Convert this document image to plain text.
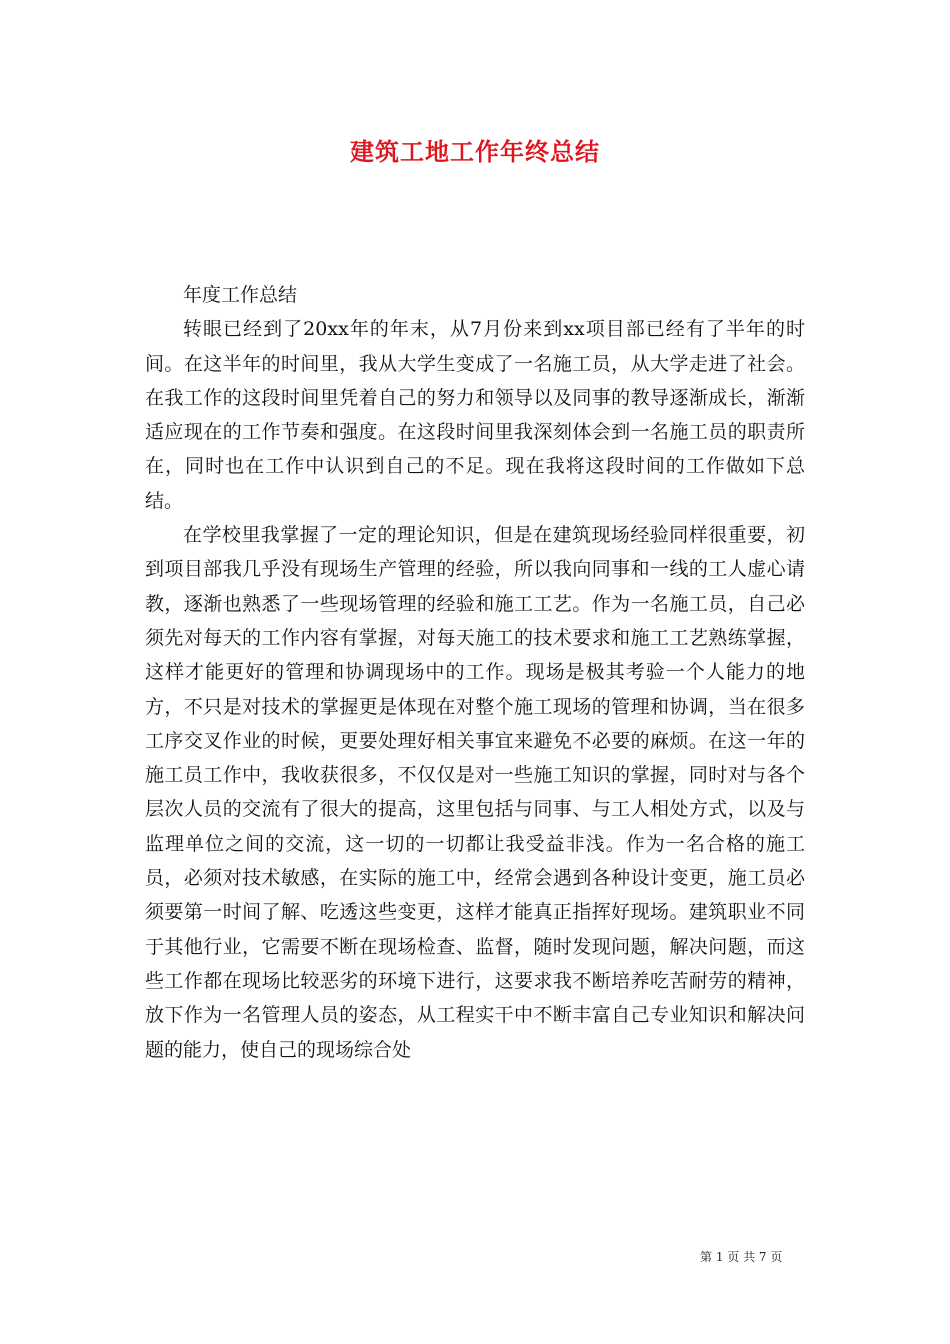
建筑工地工作年终总结

年度工作总结

转眼已经到了20xx年的年末，从7月份来到xx项目部已经有了半年的时间。在这半年的时间里，我从大学生变成了一名施工员，从大学走进了社会。在我工作的这段时间里凭着自己的努力和领导以及同事的教导逐渐成长，渐渐适应现在的工作节奏和强度。在这段时间里我深刻体会到一名施工员的职责所在，同时也在工作中认识到自己的不足。现在我将这段时间的工作做如下总结。

在学校里我掌握了一定的理论知识，但是在建筑现场经验同样很重要，初到项目部我几乎没有现场生产管理的经验，所以我向同事和一线的工人虚心请教，逐渐也熟悉了一些现场管理的经验和施工工艺。作为一名施工员，自己必须先对每天的工作内容有掌握，对每天施工的技术要求和施工工艺熟练掌握，这样才能更好的管理和协调现场中的工作。现场是极其考验一个人能力的地方，不只是对技术的掌握更是体现在对整个施工现场的管理和协调，当在很多工序交叉作业的时候，更要处理好相关事宜来避免不必要的麻烦。在这一年的施工员工作中，我收获很多，不仅仅是对一些施工知识的掌握，同时对与各个层次人员的交流有了很大的提高，这里包括与同事、与工人相处方式，以及与监理单位之间的交流，这一切的一切都让我受益非浅。作为一名合格的施工员，必须对技术敏感，在实际的施工中，经常会遇到各种设计变更，施工员必须要第一时间了解、吃透这些变更，这样才能真正指挥好现场。建筑职业不同于其他行业，它需要不断在现场检查、监督，随时发现问题，解决问题，而这些工作都在现场比较恶劣的环境下进行，这要求我不断培养吃苦耐劳的精神，放下作为一名管理人员的姿态，从工程实干中不断丰富自己专业知识和解决问题的能力，使自己的现场综合处

第 1 页 共 7 页
